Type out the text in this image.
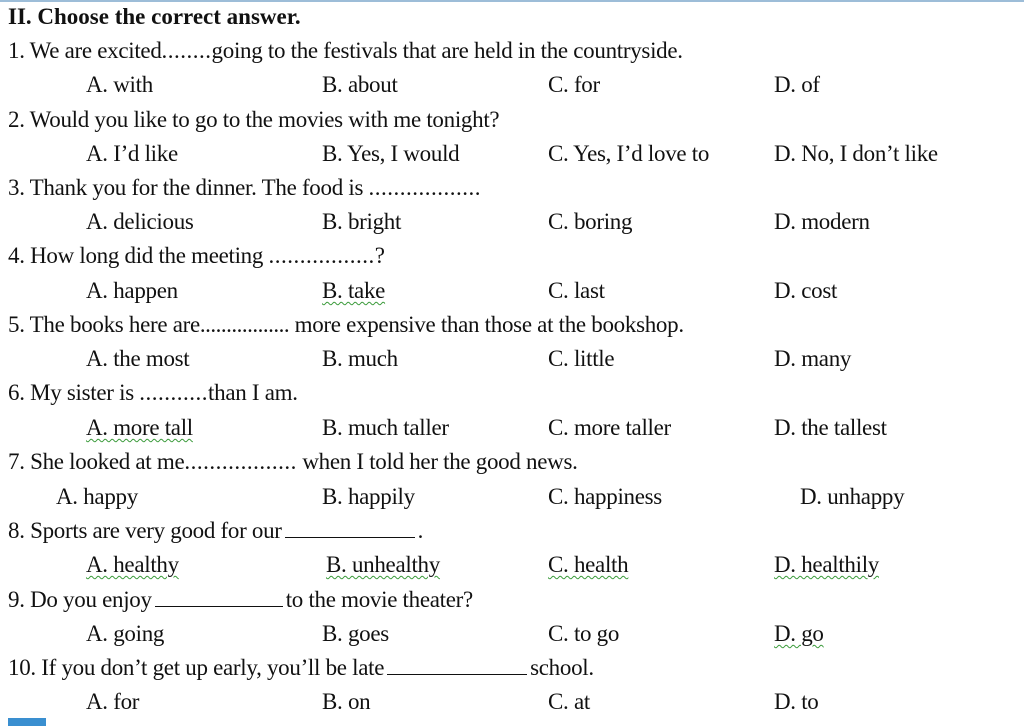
II. Choose the correct answer.
1. We are excited........going to the festivals that are held in the countryside.
A. with	B. about	C. for	D. of
2. Would you like to go to the movies with me tonight?
A. I’d like	B. Yes, I would	C. Yes, I’d love to	D. No, I don’t like
3. Thank you for the dinner. The food is ..................
A. delicious	B. bright	C. boring	D. modern
4. How long did the meeting .................?
A. happen	B. take	C. last	D. cost
5. The books here are................. more expensive than those at the bookshop.
A. the most	B. much	C. little	D. many
6. My sister is ...........than I am.
A. more tall	B. much taller	C. more taller	D. the tallest
7. She looked at me.................. when I told her the good news.
A. happy	B. happily	C. happiness	D. unhappy
8. Sports are very good for our	.
A. healthy	B. unhealthy	C. health	D. healthily
9. Do you enjoy	to the movie theater?
A. going	B. goes	C. to go	D. go
10. If you don’t get up early, you’ll be late	school.
A. for	B. on	C. at	D. to
